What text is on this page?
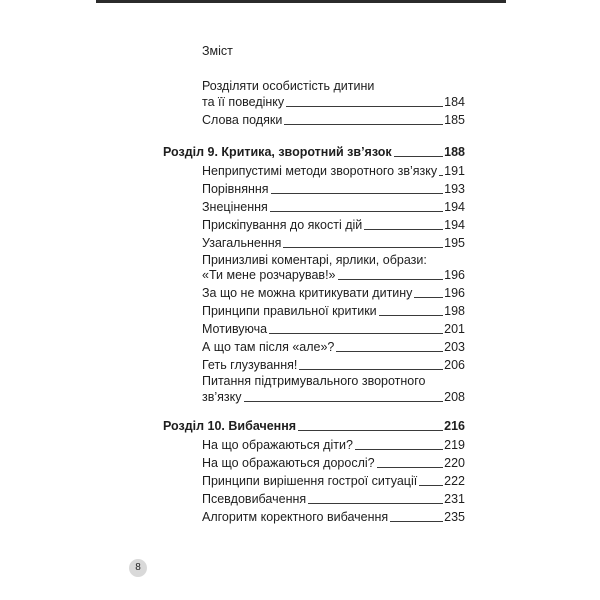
Зміст
Розділяти особистість дитини
та її поведінку	184
Слова подяки	185
Розділ 9. Критика, зворотний зв’язок	188
Неприпустимі методи зворотного зв’язку 191
Порівняння	193
Знецінення	194
Прискіпування до якості дій	194
Узагальнення	195
Принизливі коментарі, ярлики, образи:
«Ти мене розчарував!»	196
За що не можна критикувати дитину	196
Принципи правильної критики	198
Мотивуюча	201
А що там після «але»?	203
Геть глузування!	206
Питання підтримувального зворотного
зв’язку	208
Розділ 10. Вибачення	216
На що ображаються діти?	219
На що ображаються дорослі?	220
Принципи вирішення гострої ситуації 222
Псевдовибачення	231
Алгоритм коректного вибачення	235
8
